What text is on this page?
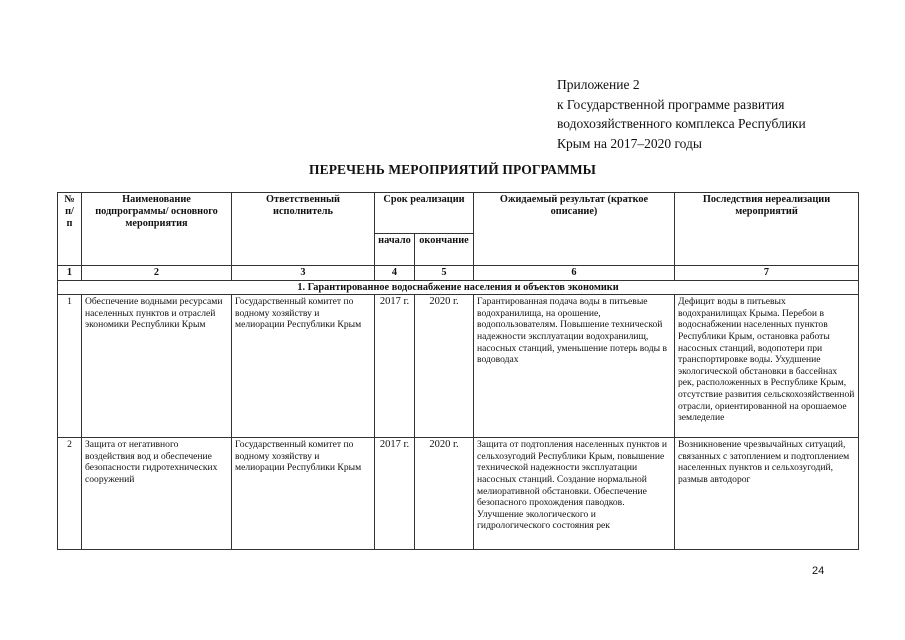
Приложение 2
к Государственной программе развития
водохозяйственного комплекса Республики
Крым на 2017–2020 годы
ПЕРЕЧЕНЬ МЕРОПРИЯТИЙ ПРОГРАММЫ
№ п/ п	Наименование подпрограммы/ основного мероприятия	Ответственный исполнитель	Срок реализации		Ожидаемый результат (краткое описание)	Последствия нереализации мероприятий
			начало	окончание		
1	2	3	4	5	6	7
1. Гарантированное водоснабжение населения и объектов экономики						
1	Обеспечение водными ресурсами населенных пунктов и отраслей экономики Республики Крым	Государственный комитет по водному хозяйству и мелиорации Республики Крым	2017 г.	2020 г.	Гарантированная подача воды в питьевые водохранилища, на орошение, водопользователям. Повышение технической надежности эксплуатации водохранилищ, насосных станций, уменьшение потерь воды в водоводах	Дефицит воды в питьевых водохранилищах Крыма. Перебои в водоснабжении населенных пунктов Республики Крым, остановка работы насосных станций, водопотери при транспортировке воды. Ухудшение экологической обстановки в бассейнах рек, расположенных в Республике Крым, отсутствие развития сельскохозяйственной отрасли, ориентированной на орошаемое земледелие
2	Защита от негативного воздействия вод и обеспечение безопасности гидротехнических сооружений	Государственный комитет по водному хозяйству и мелиорации Республики Крым	2017 г.	2020 г.	Защита от подтопления населенных пунктов и сельхозугодий Республики Крым, повышение технической надежности эксплуатации насосных станций. Создание нормальной мелиоративной обстановки. Обеспечение безопасного прохождения паводков. Улучшение экологического и гидрологического состояния рек	Возникновение чрезвычайных ситуаций, связанных с затоплением и подтоплением населенных пунктов и сельхозугодий, размыв автодорог
24
